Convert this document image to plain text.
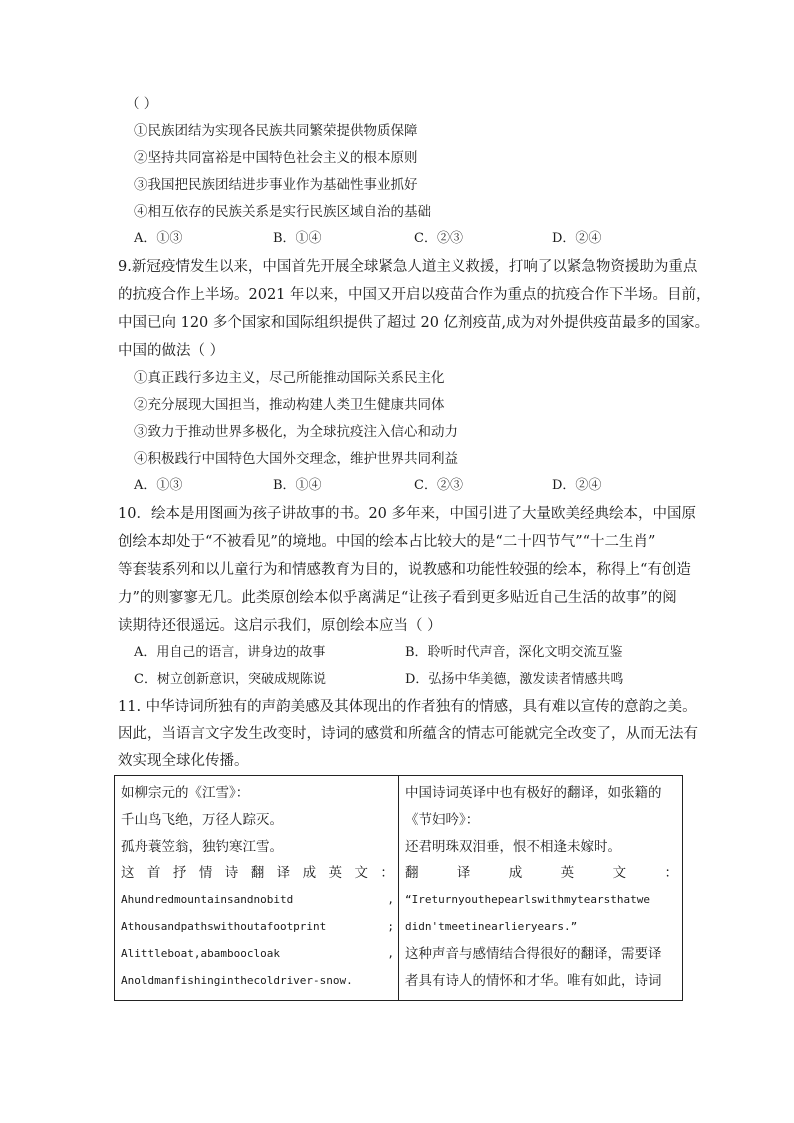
（ ）
①民族团结为实现各民族共同繁荣提供物质保障
②坚持共同富裕是中国特色社会主义的根本原则
③我国把民族团结进步事业作为基础性事业抓好
④相互依存的民族关系是实行民族区域自治的基础
A．①③	B．①④	C．②③	D．②④
9.新冠疫情发生以来，中国首先开展全球紧急人道主义救援，打响了以紧急物资援助为重点
的抗疫合作上半场。2021 年以来，中国又开启以疫苗合作为重点的抗疫合作下半场。目前，
中国已向 120 多个国家和国际组织提供了超过 20 亿剂疫苗,成为对外提供疫苗最多的国家。
中国的做法（ ）
①真正践行多边主义，尽己所能推动国际关系民主化
②充分展现大国担当，推动构建人类卫生健康共同体
③致力于推动世界多极化，为全球抗疫注入信心和动力
④积极践行中国特色大国外交理念，维护世界共同利益
A．①③	B．①④	C．②③	D．②④
10．绘本是用图画为孩子讲故事的书。20 多年来，中国引进了大量欧美经典绘本，中国原
创绘本却处于“不被看见”的境地。中国的绘本占比较大的是“二十四节气”“十二生肖”
等套装系列和以儿童行为和情感教育为目的，说教感和功能性较强的绘本，称得上“有创造
力”的则寥寥无几。此类原创绘本似乎离满足“让孩子看到更多贴近自己生活的故事”的阅
读期待还很遥远。这启示我们，原创绘本应当（ ）
A．用自己的语言，讲身边的故事	B．聆听时代声音，深化文明交流互鉴
C．树立创新意识，突破成规陈说	D．弘扬中华美德，激发读者情感共鸣
11. 中华诗词所独有的声韵美感及其体现出的作者独有的情感，具有难以宣传的意韵之美。
因此，当语言文字发生改变时，诗词的感赏和所蕴含的情志可能就完全改变了，从而无法有
效实现全球化传播。
如柳宗元的《江雪》：
千山鸟飞绝，万径人踪灭。
孤舟蓑笠翁，独钓寒江雪。
这 首 抒 情 诗 翻 译 成 英 文 ：
Ahundredmountainsandnobitd	,
Athousandpathswithoutafootprint	;
Alittleboat,abamboocloak	,
Anoldmanfishinginthecoldriver-snow.

中国诗词英译中也有极好的翻译，如张籍的
《节妇吟》：
还君明珠双泪垂，恨不相逢未嫁时。
翻	译	成	英	文	：
“Ireturnyouthepearlswithmytearsthatwe
didn'tmeetinearlieryears.”
这种声音与感情结合得很好的翻译，需要译
者具有诗人的情怀和才华。唯有如此，诗词
